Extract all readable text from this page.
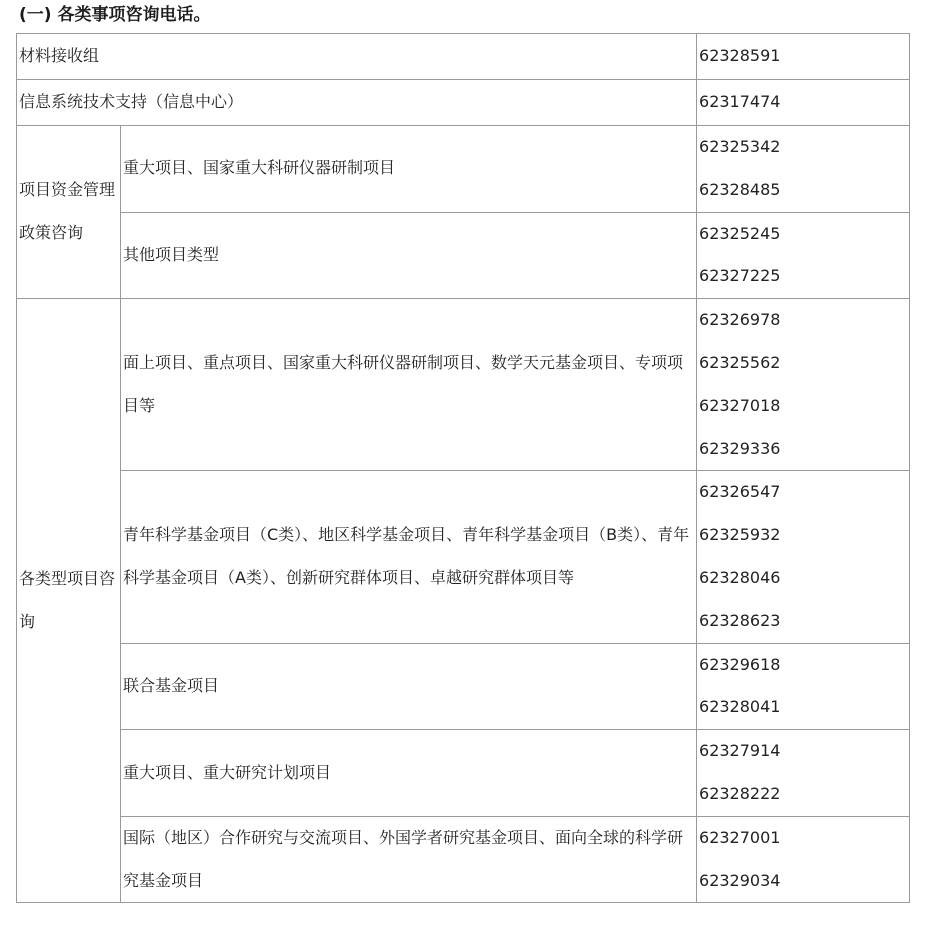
(一) 各类事项咨询电话。
材料接收组		62328591

信息系统技术支持（信息中心）		62317474

项目资金管理政策咨询	重大项目、国家重大科研仪器研制项目	62325342
62328485

	其他项目类型	62325245
62327225

各类型项目咨询	面上项目、重点项目、国家重大科研仪器研制项目、数学天元基金项目、专项项目等	62326978
62325562
62327018
62329336

	青年科学基金项目（C类）、地区科学基金项目、青年科学基金项目（B类）、青年科学基金项目（A类）、创新研究群体项目、卓越研究群体项目等	62326547
62325932
62328046
62328623

	联合基金项目	62329618
62328041

	重大项目、重大研究计划项目	62327914
62328222

	国际（地区）合作研究与交流项目、外国学者研究基金项目、面向全球的科学研究基金项目	62327001
62329034
